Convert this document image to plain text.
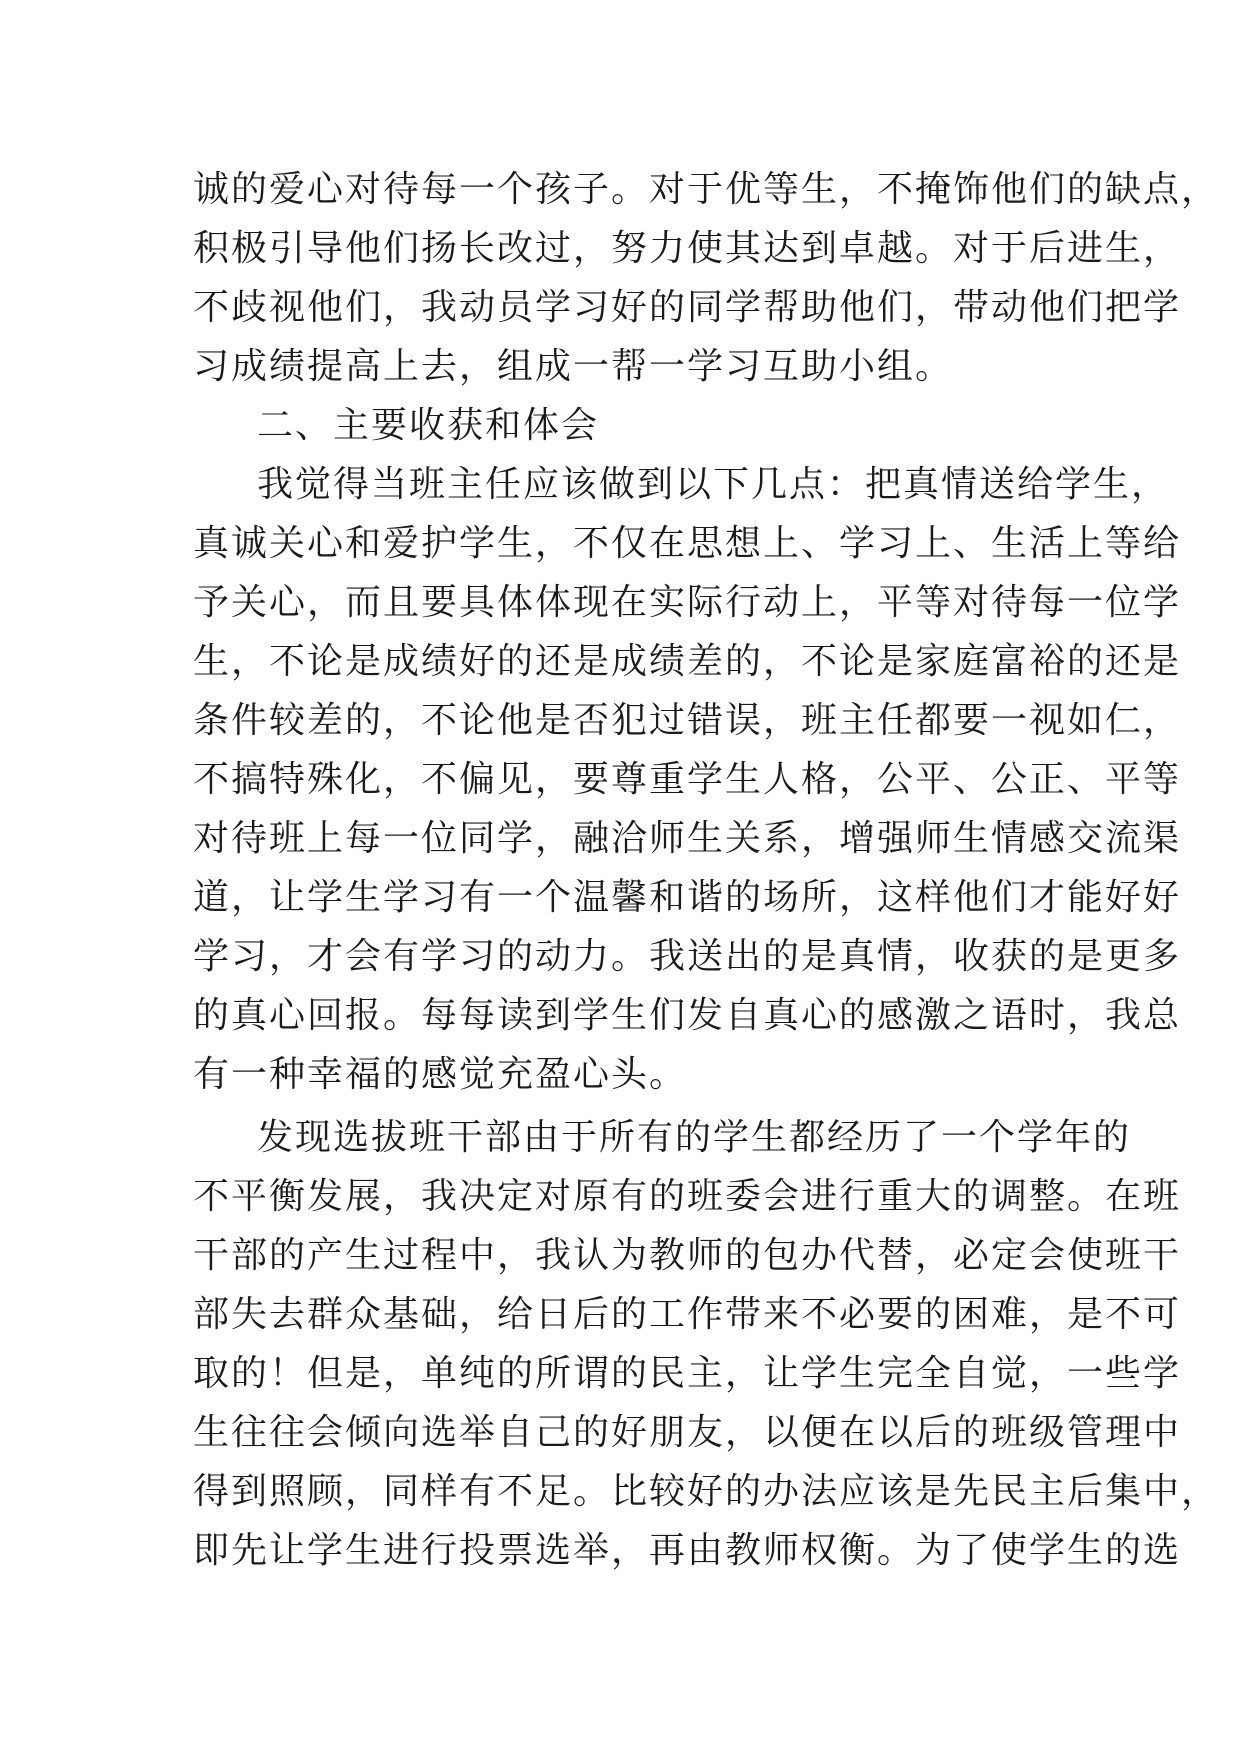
诚的爱心对待每一个孩子。对于优等生，不掩饰他们的缺点，
积极引导他们扬长改过，努力使其达到卓越。对于后进生，
不歧视他们，我动员学习好的同学帮助他们，带动他们把学
习成绩提高上去，组成一帮一学习互助小组。
二、主要收获和体会
我觉得当班主任应该做到以下几点：把真情送给学生，
真诚关心和爱护学生，不仅在思想上、学习上、生活上等给
予关心，而且要具体体现在实际行动上，平等对待每一位学
生，不论是成绩好的还是成绩差的，不论是家庭富裕的还是
条件较差的，不论他是否犯过错误，班主任都要一视如仁，
不搞特殊化，不偏见，要尊重学生人格，公平、公正、平等
对待班上每一位同学，融洽师生关系，增强师生情感交流渠
道，让学生学习有一个温馨和谐的场所，这样他们才能好好
学习，才会有学习的动力。我送出的是真情，收获的是更多
的真心回报。每每读到学生们发自真心的感激之语时，我总
有一种幸福的感觉充盈心头。
发现选拔班干部由于所有的学生都经历了一个学年的
不平衡发展，我决定对原有的班委会进行重大的调整。在班
干部的产生过程中，我认为教师的包办代替，必定会使班干
部失去群众基础，给日后的工作带来不必要的困难，是不可
取的！但是，单纯的所谓的民主，让学生完全自觉，一些学
生往往会倾向选举自己的好朋友，以便在以后的班级管理中
得到照顾，同样有不足。比较好的办法应该是先民主后集中，
即先让学生进行投票选举，再由教师权衡。为了使学生的选
